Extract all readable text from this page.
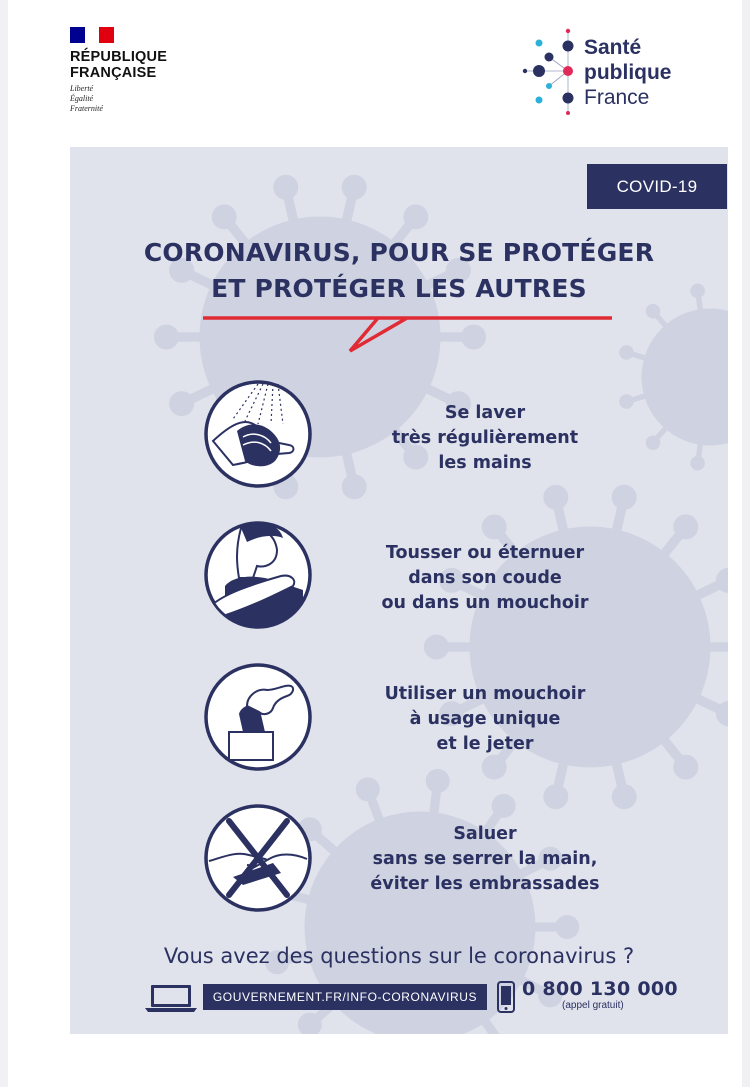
RÉPUBLIQUE
FRANÇAISE
Liberté
Égalité
Fraternité
Santé
publique
France
COVID-19
CORONAVIRUS, POUR SE PROTÉGER
ET PROTÉGER LES AUTRES
Se laver
très régulièrement
les mains
Tousser ou éternuer
dans son coude
ou dans un mouchoir
Utiliser un mouchoir
à usage unique
et le jeter
Saluer
sans se serrer la main,
éviter les embrassades
Vous avez des questions sur le coronavirus ?
GOUVERNEMENT.FR/INFO-CORONAVIRUS	0 800 130 000
(appel gratuit)
